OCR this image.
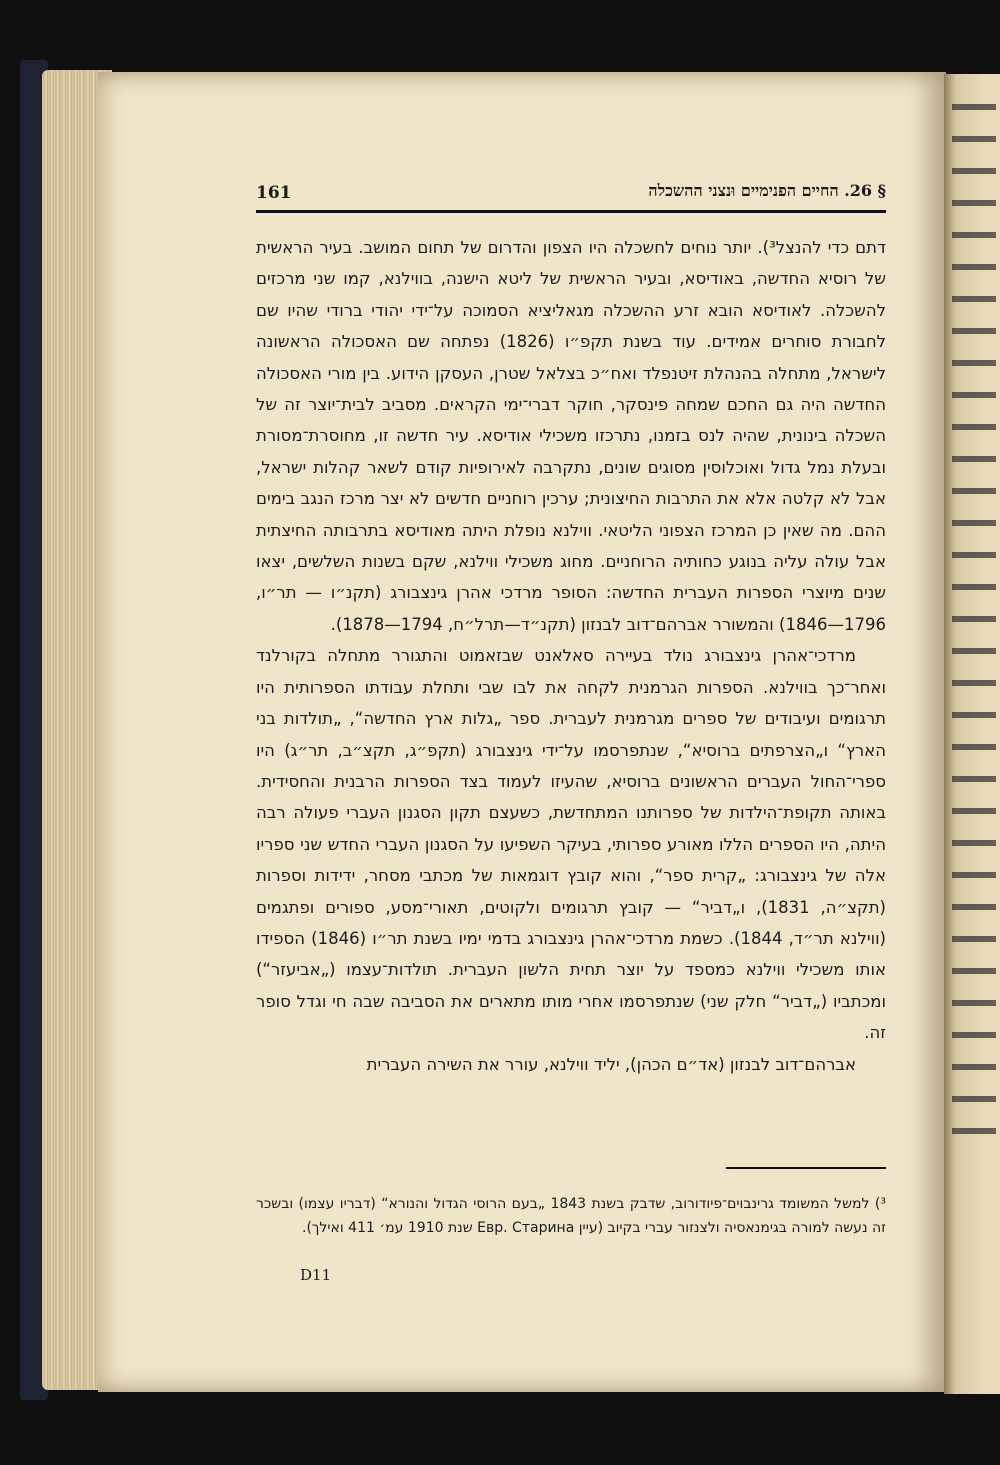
161	§ 26. החיים הפנימיים וּנצני ההשכלה

דתם כדי להנצל³). יותר נוחים לחשכלה היו הצפון והדרום של תחום המושב. בעיר הראשית של רוסיא החדשה, באודיסא, ובעיר הראשית של ליטא הישנה, בווילנא, קמו שני מרכזים להשכלה. לאודיסא הובא זרע ההשכלה מגאליציא הסמוכה על־ידי יהודי ברודי שהיו שם לחבורת סוחרים אמידים. עוד בשנת תקפ״ו (1826) נפתחה שם האסכולה הראשונה לישראל, מתחלה בהנהלת זיטנפלד ואח״כ בצלאל שטרן, העסקן הידוע. בין מורי האסכולה החדשה היה גם החכם שמחה פינסקר, חוקר דברי־ימי הקראים. מסביב לבית־יוצר זה של השכלה בינונית, שהיה לנס בזמנו, נתרכזו משכילי אודיסא. עיר חדשה זו, מחוסרת־מסורת ובעלת נמל גדול ואוכלוסין מסוגים שונים, נתקרבה לאירופיות קודם לשאר קהלות ישראל, אבל לא קלטה אלא את התרבות החיצונית; ערכין רוחניים חדשים לא יצר מרכז הנגב בימים ההם. מה שאין כן המרכז הצפוני הליטאי. ווילנא נופלת היתה מאודיסא בתרבותה החיצתית אבל עולה עליה בנוגע כחותיה הרוחניים. מחוג משכילי ווילנא, שקם בשנות השלשים, יצאו שנים מיוצרי הספרות העברית החדשה: הסופר מרדכי אהרן גינצבורג (תקנ״ו — תר״ו, 1796—1846) והמשורר אברהם־דוב לבנזון (תקנ״ד—תרל״ח, 1794—1878).

מרדכי־אהרן גינצבורג נולד בעיירה סאלאנט שבזאמוט והתגורר מתחלה בקורלנד ואחר־כך בווילנא. הספרות הגרמנית לקחה את לבו שבי ותחלת עבודתו הספרותית היו תרגומים ועיבודים של ספרים מגרמנית לעברית. ספר „גלות ארץ החדשה“, „תולדות בני הארץ“ ו„הצרפתים ברוסיא“, שנתפרסמו על־ידי גינצבורג (תקפ״ג, תקצ״ב, תר״ג) היו ספרי־החול העברים הראשונים ברוסיא, שהעיזו לעמוד בצד הספרות הרבנית והחסידית. באותה תקופת־הילדות של ספרותנו המתחדשת, כשעצם תקון הסגנון העברי פעולה רבה היתה, היו הספרים הללו מאורע ספרותי, בעיקר השפיעו על הסגנון העברי החדש שני ספריו אלה של גינצבורג: „קרית ספר“, והוא קובץ דוגמאות של מכתבי מסחר, ידידות וספרות (תקצ״ה, 1831), ו„דביר“ — קובץ תרגומים ולקוטים, תאורי־מסע, ספורים ופתגמים (ווילנא תר״ד, 1844). כשמת מרדכי־אהרן גינצבורג בדמי ימיו בשנת תר״ו (1846) הספידו אותו משכילי ווילנא כמספד על יוצר תחית הלשון העברית. תולדות־עצמו („אביעזר“) ומכתביו („דביר“ חלק שני) שנתפרסמו אחרי מותו מתארים את הסביבה שבה חי וגדל סופר זה.

אברהם־דוב לבנזון (אד״ם הכהן), יליד ווילנא, עורר את השירה העברית

³) למשל המשומד גרינבוים־פיודורוב, שדבק בשנת 1843 „בעם הרוסי הגדול והנורא“ (דבריו עצמו) ובשכר זה נעשה למורה בגימנאסיה ולצנזור עברי בקיוב (עיין Евр. Старина שנת 1910 עמ׳ 411 ואילך).
D11
